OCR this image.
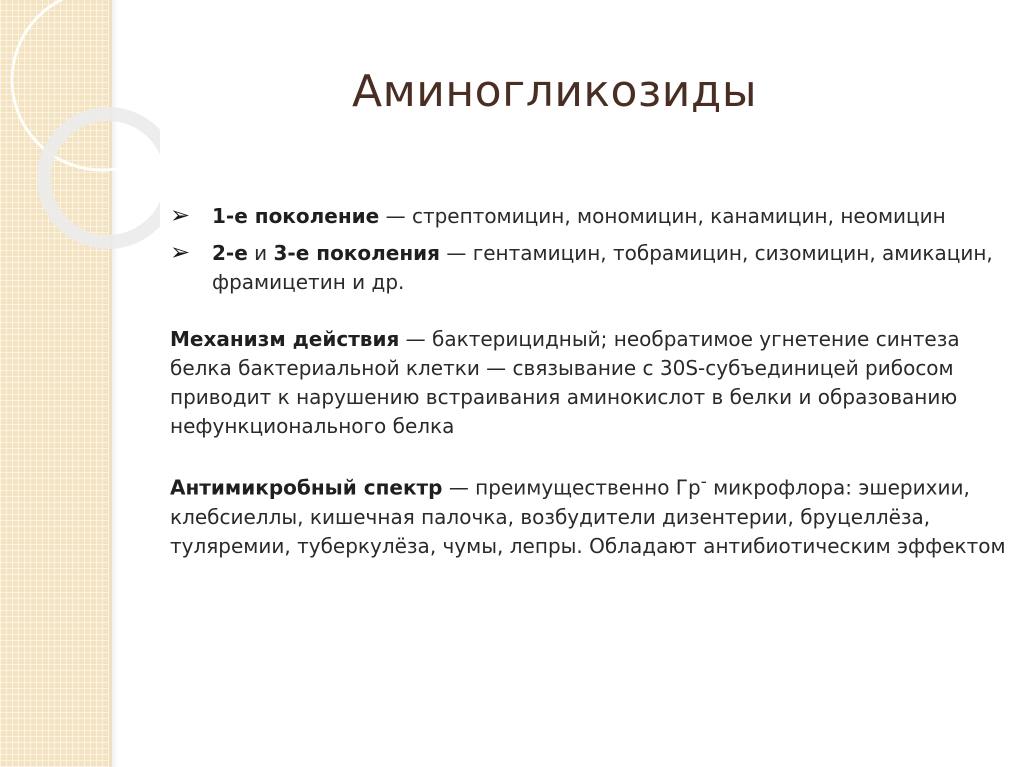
Аминогликозиды
➢ 1-е поколение — стрептомицин, мономицин, канамицин, неомицин
➢ 2-е и 3-е поколения — гентамицин, тобрамицин, сизомицин, амикацин, фрамицетин и др.
Механизм действия — бактерицидный; необратимое угнетение синтеза белка бактериальной клетки — связывание с 30S-субъединицей рибосом приводит к нарушению встраивания аминокислот в белки и образованию нефункционального белка
Антимикробный спектр — преимущественно Гр- микрофлора: эшерихии, клебсиеллы, кишечная палочка, возбудители дизентерии, бруцеллёза, туляремии, туберкулёза, чумы, лепры. Обладают антибиотическим эффектом
